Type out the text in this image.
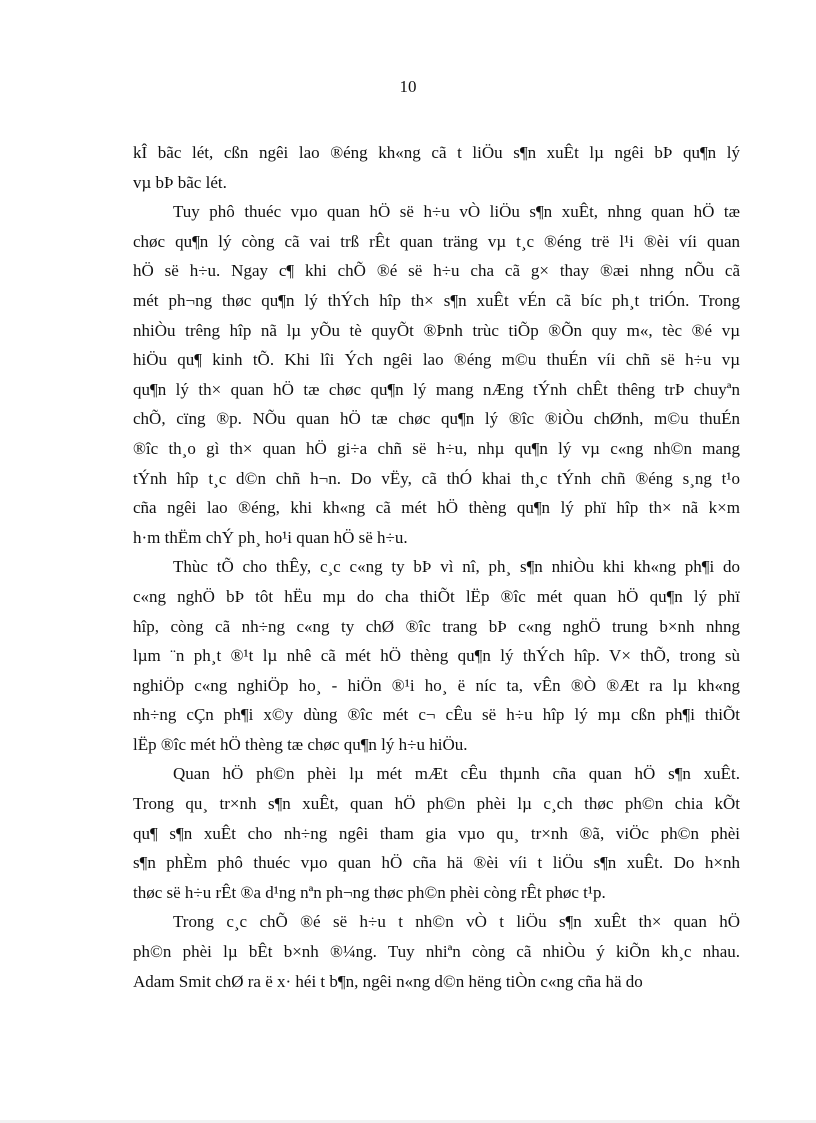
10

kÎ bãc lét, cßn ngêi lao ®éng kh«ng cã t liÖu s¶n xuÊt lµ ngêi bÞ qu¶n lý
vµ bÞ bãc lét.

Tuy phô thuéc vµo quan hÖ së h÷u vÒ liÖu s¶n xuÊt, nhng quan hÖ tæ
chøc qu¶n lý còng cã vai trß rÊt quan träng vµ t¸c ®éng trë l¹i ®èi víi quan
hÖ së h÷u. Ngay c¶ khi chÕ ®é së h÷u cha cã g× thay ®æi nhng nÕu cã
mét ph¬ng thøc qu¶n lý thÝch hîp th× s¶n xuÊt vÉn cã bíc ph¸t triÓn. Trong
nhiÒu trêng hîp nã lµ yÕu tè quyÕt ®Þnh trùc tiÕp ®Õn quy m«, tèc ®é vµ
hiÖu qu¶ kinh tÕ. Khi lîi Ých ngêi lao ®éng m©u thuÉn víi chñ së h÷u vµ
qu¶n lý th× quan hÖ tæ chøc qu¶n lý mang nÆng tÝnh chÊt thêng trÞ chuyªn
chÕ, cïng ®p. NÕu quan hÖ tæ chøc qu¶n lý ®îc ®iÒu chØnh, m©u thuÉn
®îc th¸o gì th× quan hÖ gi÷a chñ së h÷u, nhµ qu¶n lý vµ c«ng nh©n mang
tÝnh hîp t¸c d©n chñ h¬n. Do vËy, cã thÓ khai th¸c tÝnh chñ ®éng s¸ng t¹o
cña ngêi lao ®éng, khi kh«ng cã mét hÖ thèng qu¶n lý phï hîp th× nã k×m
h·m thËm chÝ ph¸ ho¹i quan hÖ së h÷u.

Thùc tÕ cho thÊy, c¸c c«ng ty bÞ vì nî, ph¸ s¶n nhiÒu khi kh«ng ph¶i do
c«ng nghÖ bÞ tôt hËu mµ do cha thiÕt lËp ®îc mét quan hÖ qu¶n lý phï
hîp, còng cã nh÷ng c«ng ty chØ ®îc trang bÞ c«ng nghÖ trung b×nh nhng
lµm ¨n ph¸t ®¹t lµ nhê cã mét hÖ thèng qu¶n lý thÝch hîp. V× thÕ, trong sù
nghiÖp c«ng nghiÖp ho¸ - hiÖn ®¹i ho¸ ë níc ta, vÊn ®Ò ®Æt ra lµ kh«ng
nh÷ng cÇn ph¶i x©y dùng ®îc mét c¬ cÊu së h÷u hîp lý mµ cßn ph¶i thiÕt
lËp ®îc mét hÖ thèng tæ chøc qu¶n lý h÷u hiÖu.

Quan hÖ ph©n phèi lµ mét mÆt cÊu thµnh cña quan hÖ s¶n xuÊt.
Trong qu¸ tr×nh s¶n xuÊt, quan hÖ ph©n phèi lµ c¸ch thøc ph©n chia kÕt
qu¶ s¶n xuÊt cho nh÷ng ngêi tham gia vµo qu¸ tr×nh ®ã, viÖc ph©n phèi
s¶n phÈm phô thuéc vµo quan hÖ cña hä ®èi víi t liÖu s¶n xuÊt. Do h×nh
thøc së h÷u rÊt ®a d¹ng nªn ph¬ng thøc ph©n phèi còng rÊt phøc t¹p.

Trong c¸c chÕ ®é së h÷u t nh©n vÒ t liÖu s¶n xuÊt th× quan hÖ
ph©n phèi lµ bÊt b×nh ®¼ng. Tuy nhiªn còng cã nhiÒu ý kiÕn kh¸c nhau.
Adam Smit chØ ra ë x· héi t b¶n, ngêi n«ng d©n hëng tiÒn c«ng cña hä do
